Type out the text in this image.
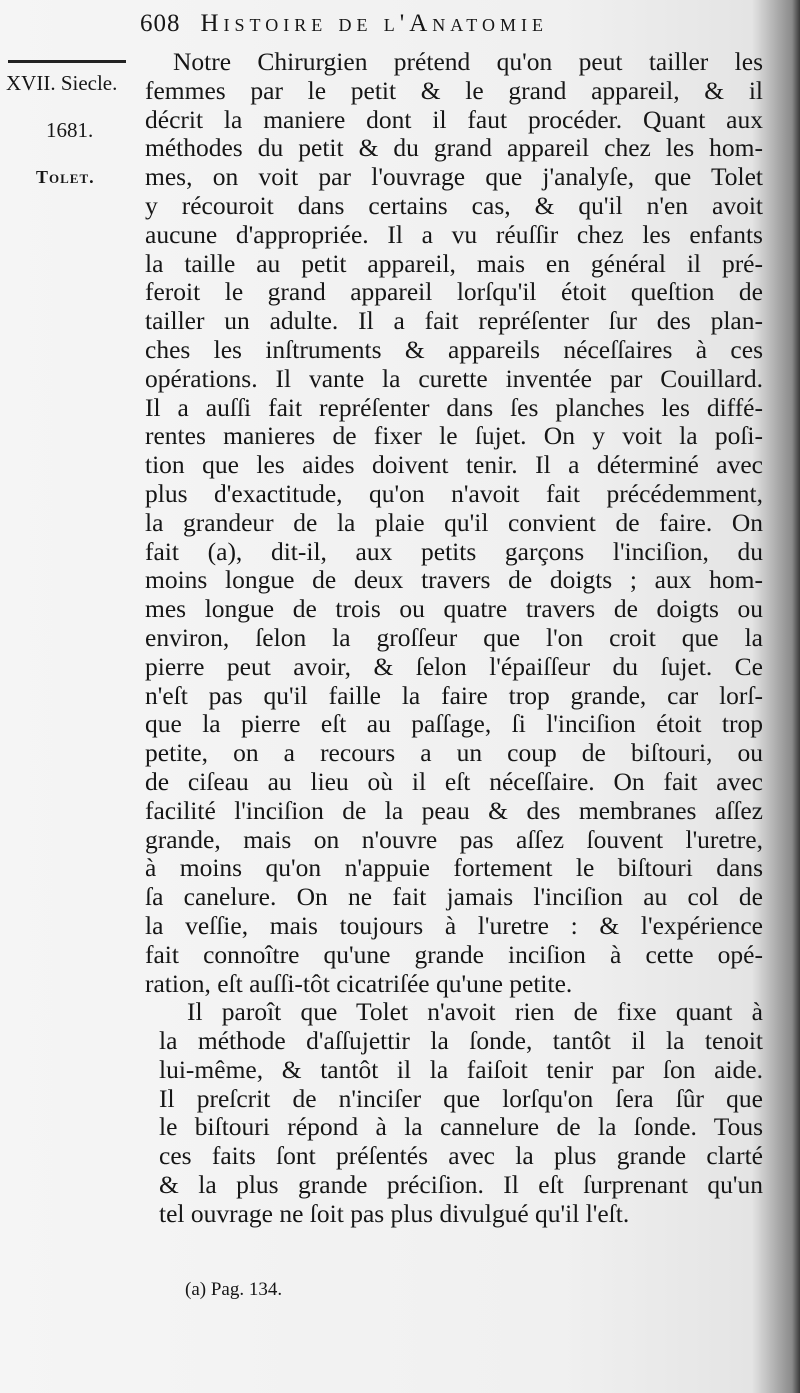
608 Histoire de l'Anatomie
XVII. Siecle.
1681.
Tolet.
Notre Chirurgien prétend qu'on peut tailler les
femmes par le petit & le grand appareil, & il
décrit la maniere dont il faut procéder. Quant aux
méthodes du petit & du grand appareil chez les hom-
mes, on voit par l'ouvrage que j'analyſe, que Tolet
y récouroit dans certains cas, & qu'il n'en avoit
aucune d'appropriée. Il a vu réuſſir chez les enfants
la taille au petit appareil, mais en général il pré-
feroit le grand appareil lorſqu'il étoit queſtion de
tailler un adulte. Il a fait repréſenter ſur des plan-
ches les inſtruments & appareils néceſſaires à ces
opérations. Il vante la curette inventée par Couillard.
Il a auſſi fait repréſenter dans ſes planches les diffé-
rentes manieres de fixer le ſujet. On y voit la poſi-
tion que les aides doivent tenir. Il a déterminé avec
plus d'exactitude, qu'on n'avoit fait précédemment,
la grandeur de la plaie qu'il convient de faire. On
fait (a), dit-il, aux petits garçons l'inciſion, du
moins longue de deux travers de doigts ; aux hom-
mes longue de trois ou quatre travers de doigts ou
environ, ſelon la groſſeur que l'on croit que la
pierre peut avoir, & ſelon l'épaiſſeur du ſujet. Ce
n'eſt pas qu'il faille la faire trop grande, car lorſ-
que la pierre eſt au paſſage, ſi l'inciſion étoit trop
petite, on a recours a un coup de biſtouri, ou
de ciſeau au lieu où il eſt néceſſaire. On fait avec
facilité l'inciſion de la peau & des membranes aſſez
grande, mais on n'ouvre pas aſſez ſouvent l'uretre,
à moins qu'on n'appuie fortement le biſtouri dans
ſa canelure. On ne fait jamais l'inciſion au col de
la veſſie, mais toujours à l'uretre : & l'expérience
fait connoître qu'une grande inciſion à cette opé-
ration, eſt auſſi-tôt cicatriſée qu'une petite.
Il paroît que Tolet n'avoit rien de fixe quant à
la méthode d'aſſujettir la ſonde, tantôt il la tenoit
lui-même, & tantôt il la faiſoit tenir par ſon aide.
Il preſcrit de n'inciſer que lorſqu'on ſera ſûr que
le biſtouri répond à la cannelure de la ſonde. Tous
ces faits ſont préſentés avec la plus grande clarté
& la plus grande préciſion. Il eſt ſurprenant qu'un
tel ouvrage ne ſoit pas plus divulgué qu'il l'eſt.
(a) Pag. 134.
